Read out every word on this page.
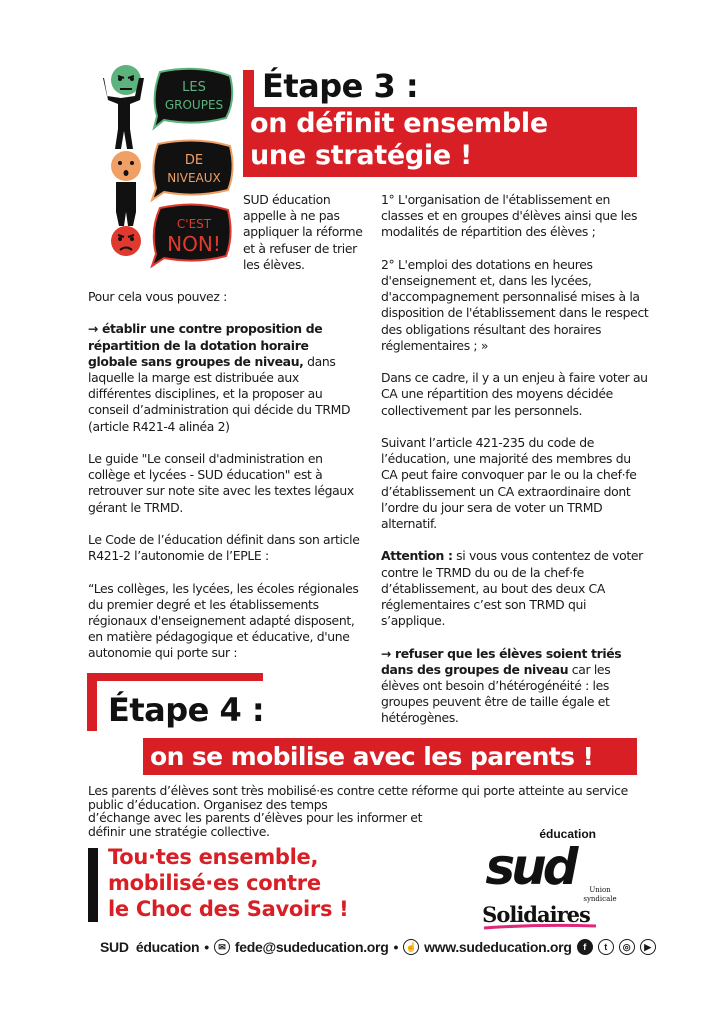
LES
GROUPES
DE
NIVEAUX
C'EST
NON!
Étape 3 :
on définit ensemble
une stratégie !
SUD éducation appelle à ne pas appliquer la réforme et à refuser de trier les élèves.

Pour cela vous pouvez :

→ établir une contre proposition de répartition de la dotation horaire globale sans groupes de niveau, dans laquelle la marge est distribuée aux différentes disciplines, et la proposer au conseil d’administration qui décide du TRMD (article R421-4 alinéa 2)

Le guide "Le conseil d'administration en collège et lycées - SUD éducation" est à retrouver sur note site avec les textes légaux gérant le TRMD.

Le Code de l’éducation définit dans son article R421-2 l’autonomie de l’EPLE :

“Les collèges, les lycées, les écoles régionales du premier degré et les établissements régionaux d'enseignement adapté disposent, en matière pédagogique et éducative, d'une autonomie qui porte sur :

1° L'organisation de l'établissement en classes et en groupes d'élèves ainsi que les modalités de répartition des élèves ;

2° L'emploi des dotations en heures d'enseignement et, dans les lycées, d'accompagnement personnalisé mises à la disposition de l'établissement dans le respect des obligations résultant des horaires réglementaires ; »

Dans ce cadre, il y a un enjeu à faire voter au CA une répartition des moyens décidée collectivement par les personnels.

Suivant l’article 421-235 du code de l’éducation, une majorité des membres du CA peut faire convoquer par le ou la chef·fe d’établissement un CA extraordinaire dont l’ordre du jour sera de voter un TRMD alternatif.

Attention : si vous vous contentez de voter contre le TRMD du ou de la chef·fe d’établissement, au bout des deux CA réglementaires c’est son TRMD qui s’applique.

→ refuser que les élèves soient triés dans des groupes de niveau car les élèves ont besoin d’hétérogénéité : les groupes peuvent être de taille égale et hétérogènes.

Étape 4 :
on se mobilise avec les parents !
Les parents d’élèves sont très mobilisé·es contre cette réforme qui porte atteinte au service public d’éducation. Organisez des temps
d’échange avec les parents d’élèves pour les informer et définir une stratégie collective.
Tou·tes ensemble,
mobilisé·es contre
le Choc des Savoirs !
éducation
sud	Union
syndicale
Solidaires
SUD  éducation •	✉ fede@sudeducation.org • ☝ www.sudeducation.org	f	t	◎	▶
